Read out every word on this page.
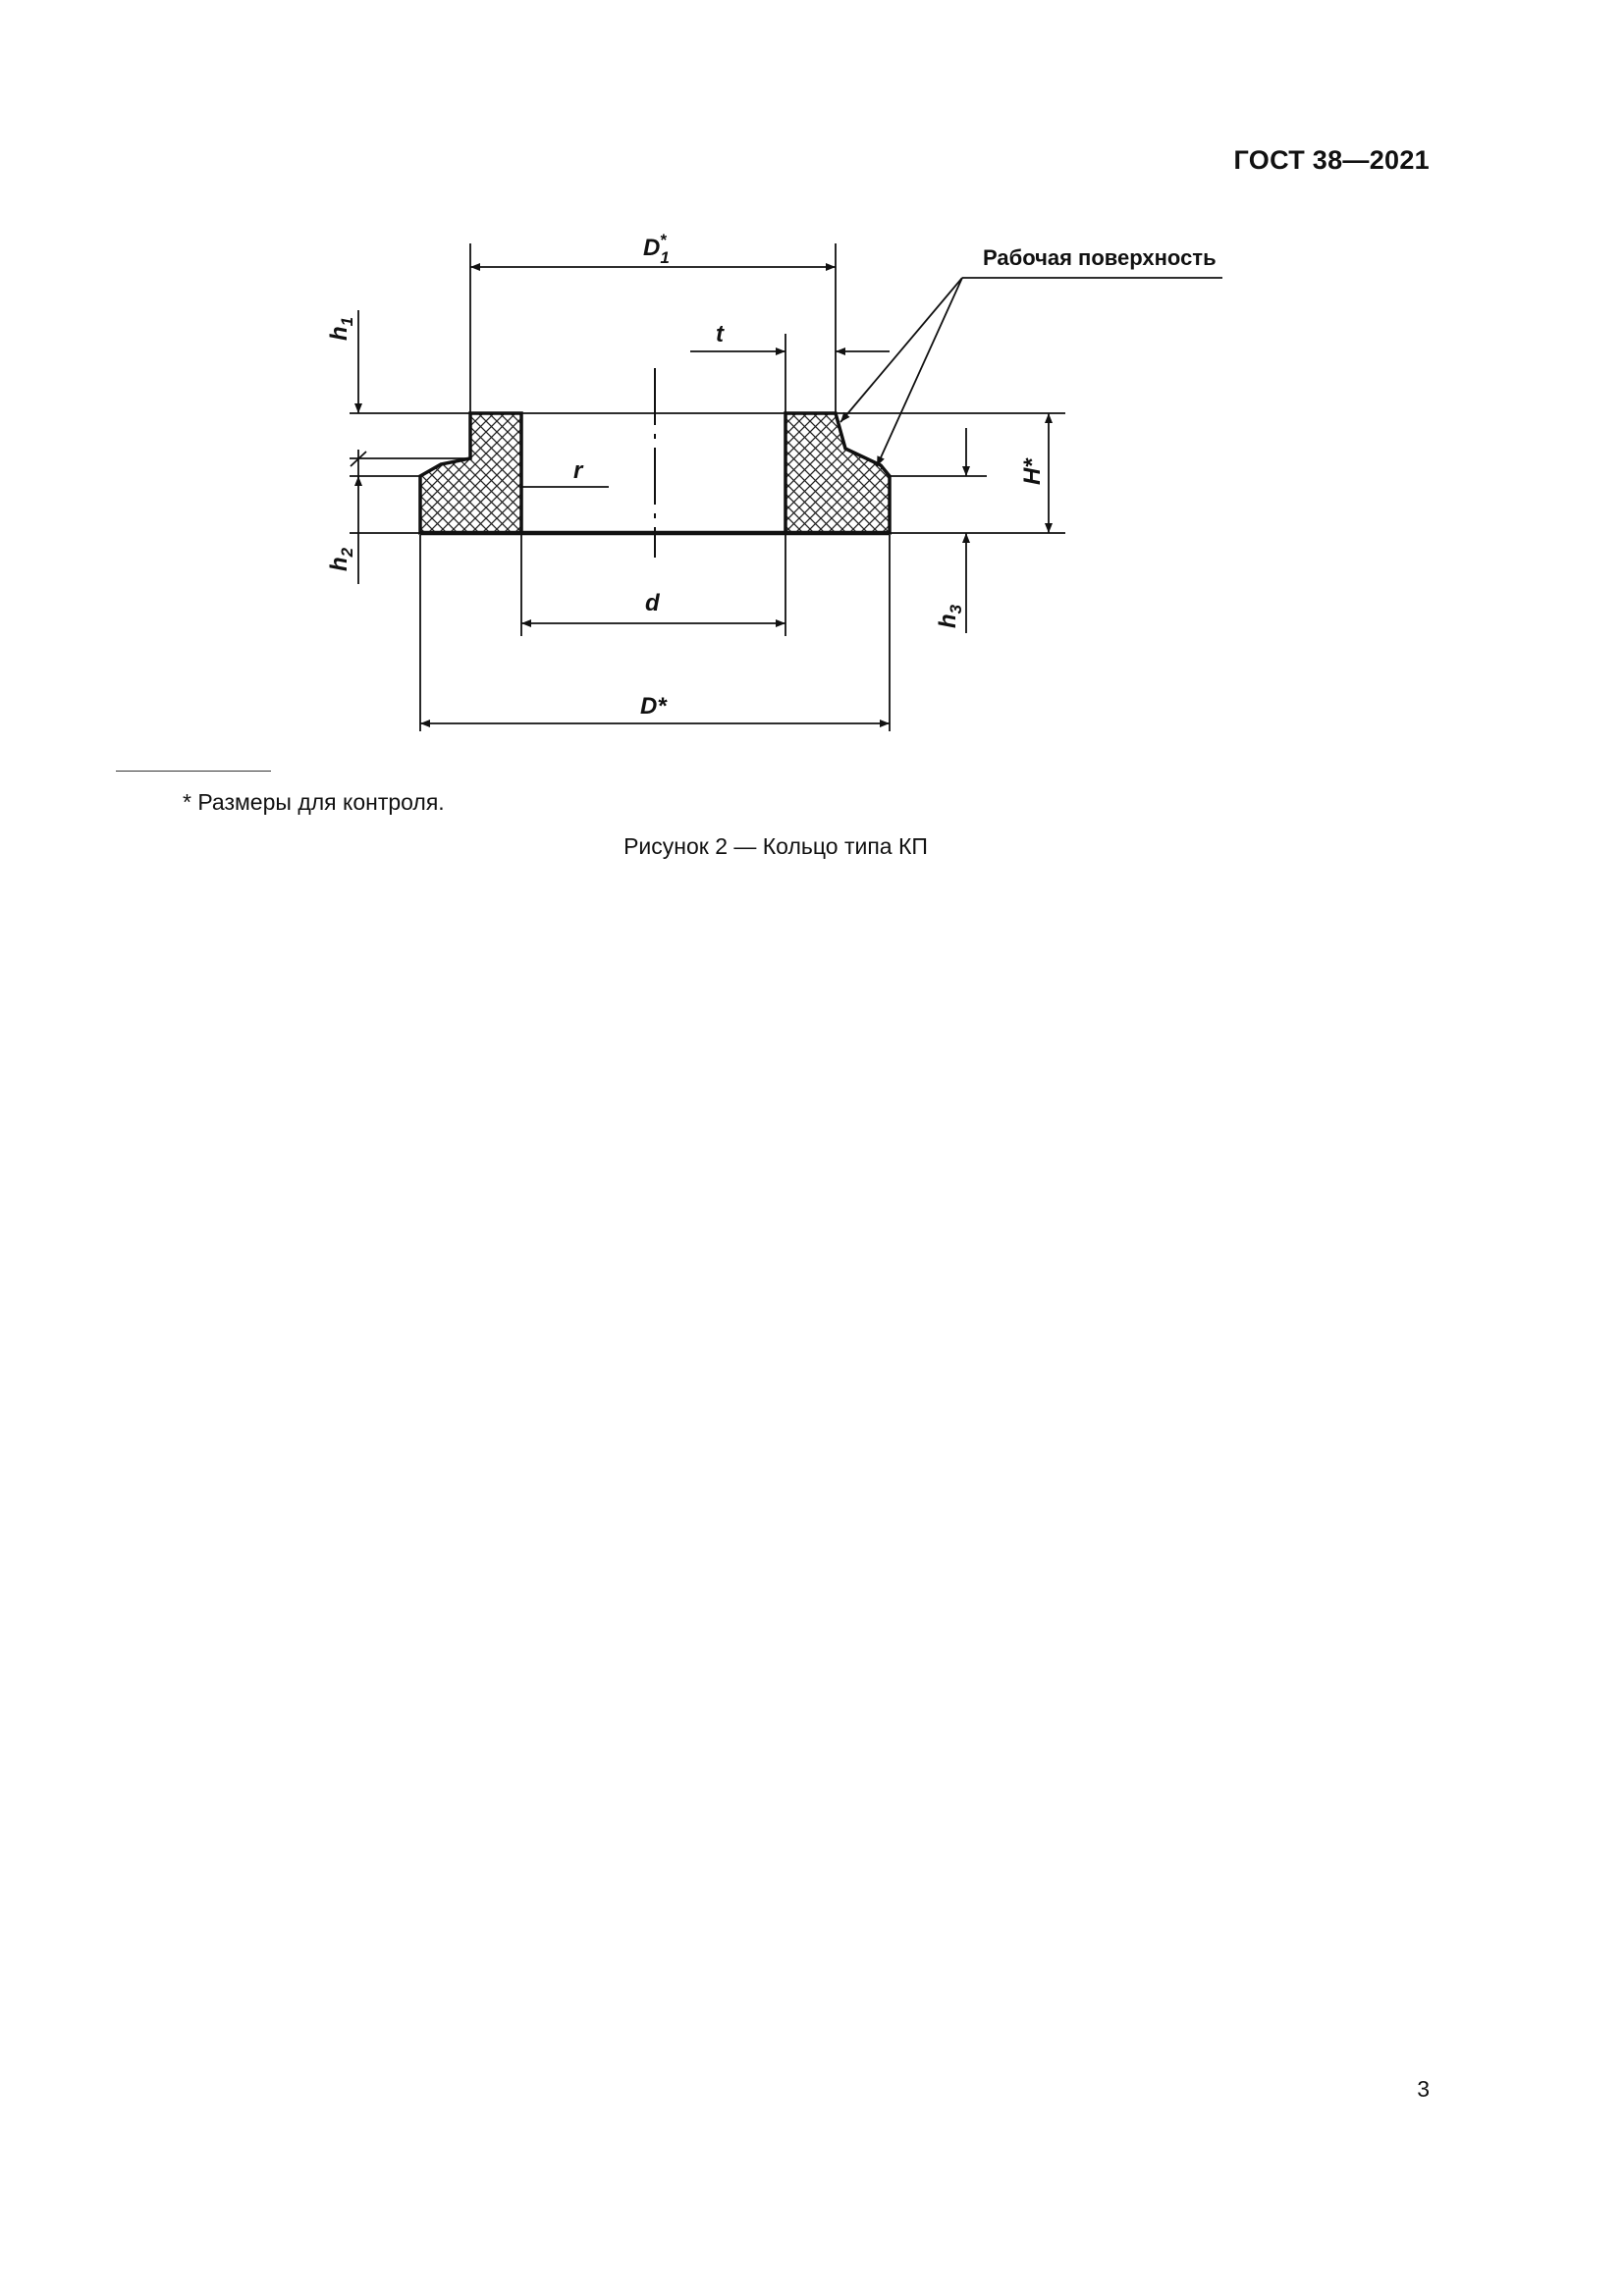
ГОСТ 38—2021
$D_1*$
t
r
d
D*
H*
$h_1$
$h_2$
$h_3$
Рабочая поверхность
* Размеры для контроля.
Рисунок 2 — Кольцо типа КП
3
